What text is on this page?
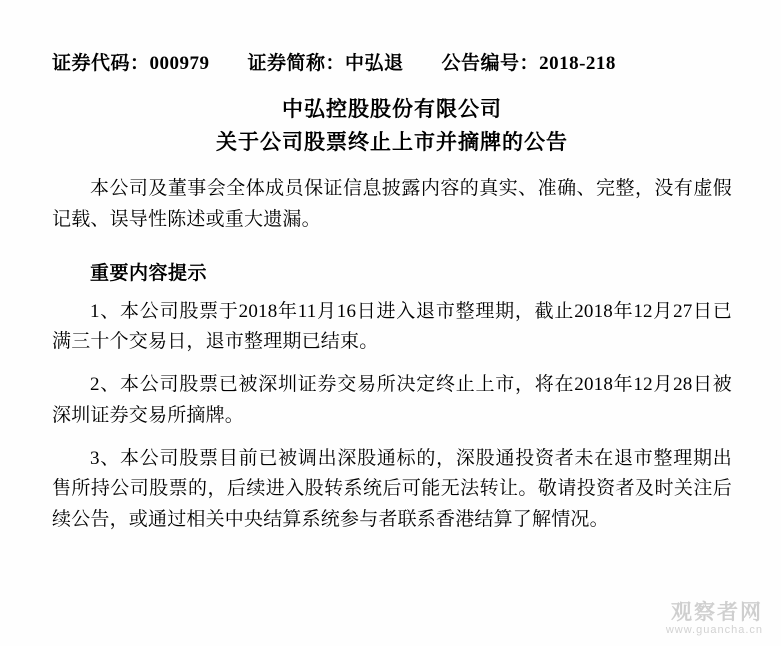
证券代码：000979 证券简称：中弘退 公告编号：2018-218
中弘控股股份有限公司
关于公司股票终止上市并摘牌的公告
本公司及董事会全体成员保证信息披露内容的真实、准确、完整，没有虚假记载、误导性陈述或重大遗漏。
重要内容提示
1、本公司股票于2018年11月16日进入退市整理期，截止2018年12月27日已满三十个交易日，退市整理期已结束。
2、本公司股票已被深圳证券交易所决定终止上市，将在2018年12月28日被深圳证券交易所摘牌。
3、本公司股票目前已被调出深股通标的，深股通投资者未在退市整理期出售所持公司股票的，后续进入股转系统后可能无法转让。敬请投资者及时关注后续公告，或通过相关中央结算系统参与者联系香港结算了解情况。
观察者网
www.guancha.cn
